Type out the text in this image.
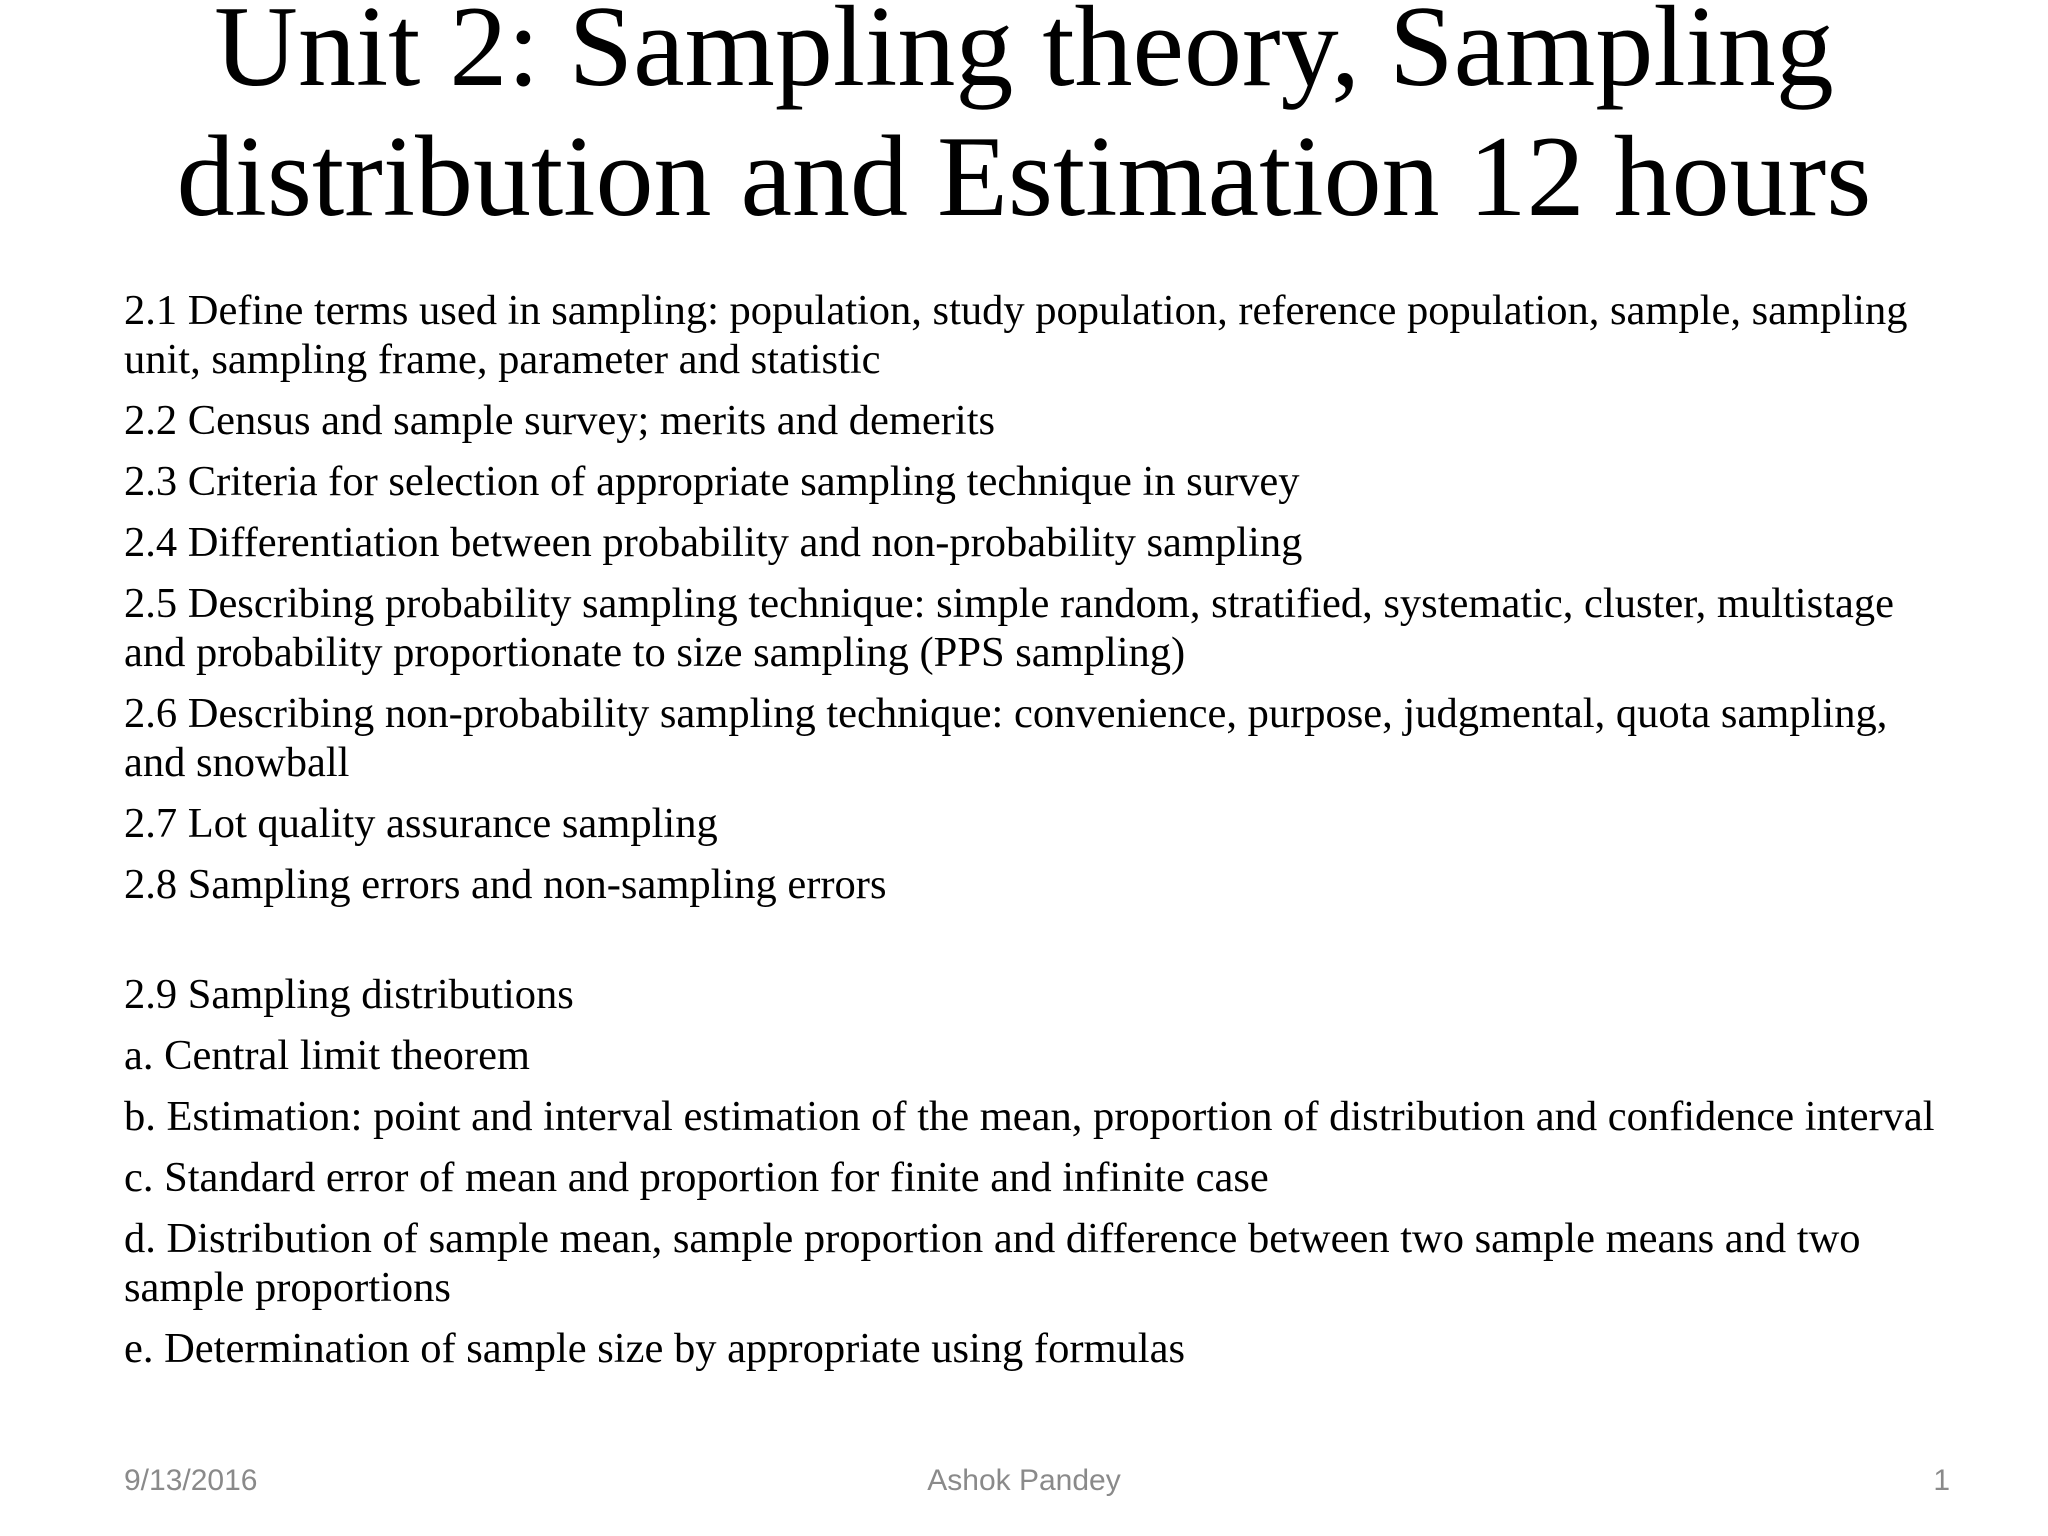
Unit 2: Sampling theory, Sampling
distribution and Estimation 12 hours
2.1 Define terms used in sampling: population, study population, reference population, sample, sampling unit, sampling frame, parameter and statistic
2.2 Census and sample survey; merits and demerits
2.3 Criteria for selection of appropriate sampling technique in survey
2.4 Differentiation between probability and non-probability sampling
2.5 Describing probability sampling technique: simple random, stratified, systematic, cluster, multistage and probability proportionate to size sampling (PPS sampling)
2.6 Describing non-probability sampling technique: convenience, purpose, judgmental, quota sampling, and snowball
2.7 Lot quality assurance sampling
2.8 Sampling errors and non-sampling errors
2.9 Sampling distributions
a. Central limit theorem
b. Estimation: point and interval estimation of the mean, proportion of distribution and confidence interval
c. Standard error of mean and proportion for finite and infinite case
d. Distribution of sample mean, sample proportion and difference between two sample means and two sample proportions
e. Determination of sample size by appropriate using formulas
9/13/2016	Ashok Pandey	1
